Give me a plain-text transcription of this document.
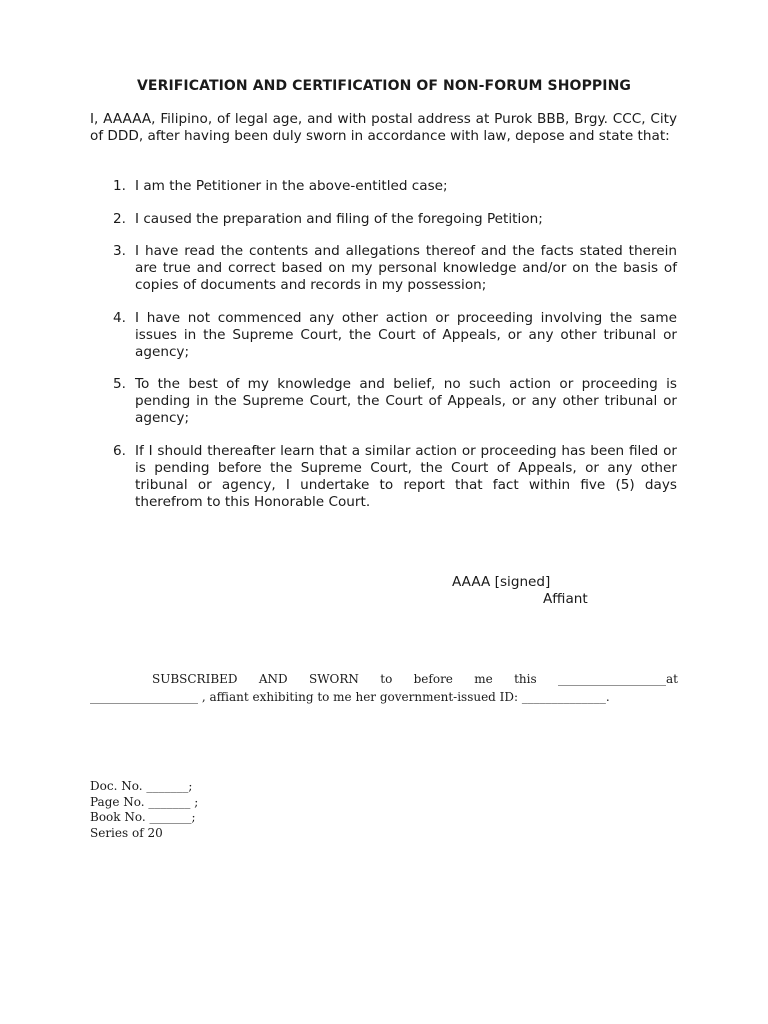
VERIFICATION AND CERTIFICATION OF NON-FORUM SHOPPING
I, AAAAA, Filipino, of legal age, and with postal address at Purok BBB, Brgy. CCC, City of DDD, after having been duly sworn in accordance with law, depose and state that:
1. I am the Petitioner in the above-entitled case;
2. I caused the preparation and filing of the foregoing Petition;
3. I have read the contents and allegations thereof and the facts stated therein are true and correct based on my personal knowledge and/or on the basis of copies of documents and records in my possession;
4. I have not commenced any other action or proceeding involving the same issues in the Supreme Court, the Court of Appeals, or any other tribunal or agency;
5. To the best of my knowledge and belief, no such action or proceeding is pending in the Supreme Court, the Court of Appeals, or any other tribunal or agency;
6. If I should thereafter learn that a similar action or proceeding has been filed or is pending before the Supreme Court, the Court of Appeals, or any other tribunal or agency, I undertake to report that fact within five (5) days therefrom to this Honorable Court.
AAAA [signed]
Affiant
SUBSCRIBED AND SWORN to before me this __________________at
__________________ , affiant exhibiting to me her government-issued ID: ______________.
Doc. No. _______;
Page No. _______ ;
Book No. _______;
Series of 20
